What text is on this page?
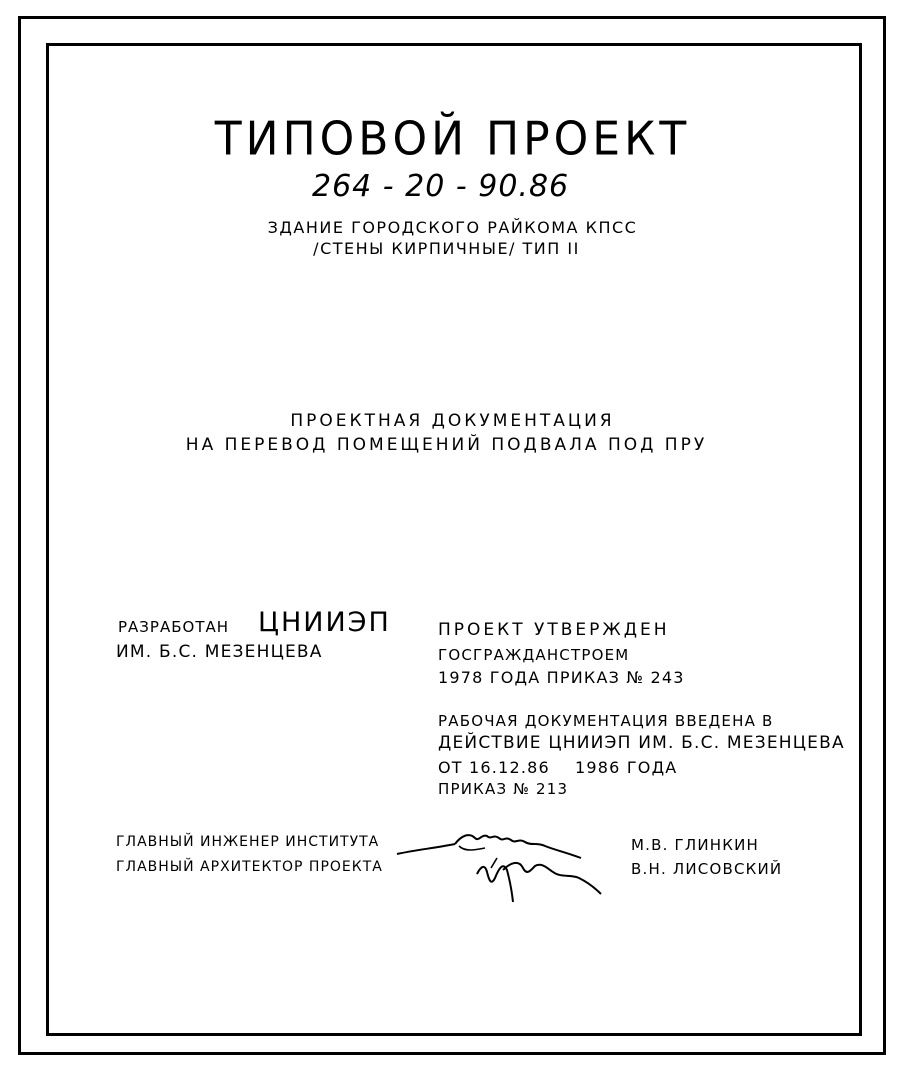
ТИПОВОЙ ПРОЕКТ
264 - 20 - 90.86
ЗДАНИЕ ГОРОДСКОГО РАЙКОМА КПСС
/СТЕНЫ КИРПИЧНЫЕ/ ТИП II
ПРОЕКТНАЯ ДОКУМЕНТАЦИЯ
НА ПЕРЕВОД ПОМЕЩЕНИЙ ПОДВАЛА ПОД ПРУ
РАЗРАБОТАН ЦНИИЭП
ИМ. Б.С. МЕЗЕНЦЕВА
ПРОЕКТ УТВЕРЖДЕН
ГОСГРАЖДАНСТРОЕМ
1978 ГОДА ПРИКАЗ № 243
РАБОЧАЯ ДОКУМЕНТАЦИЯ ВВЕДЕНА В
ДЕЙСТВИЕ ЦНИИЭП ИМ. Б.С. МЕЗЕНЦЕВА
ОТ 16.12.86    1986 ГОДА
ПРИКАЗ № 213
ГЛАВНЫЙ ИНЖЕНЕР ИНСТИТУТА
ГЛАВНЫЙ АРХИТЕКТОР ПРОЕКТА
М.В. ГЛИНКИН
В.Н. ЛИСОВСКИЙ
